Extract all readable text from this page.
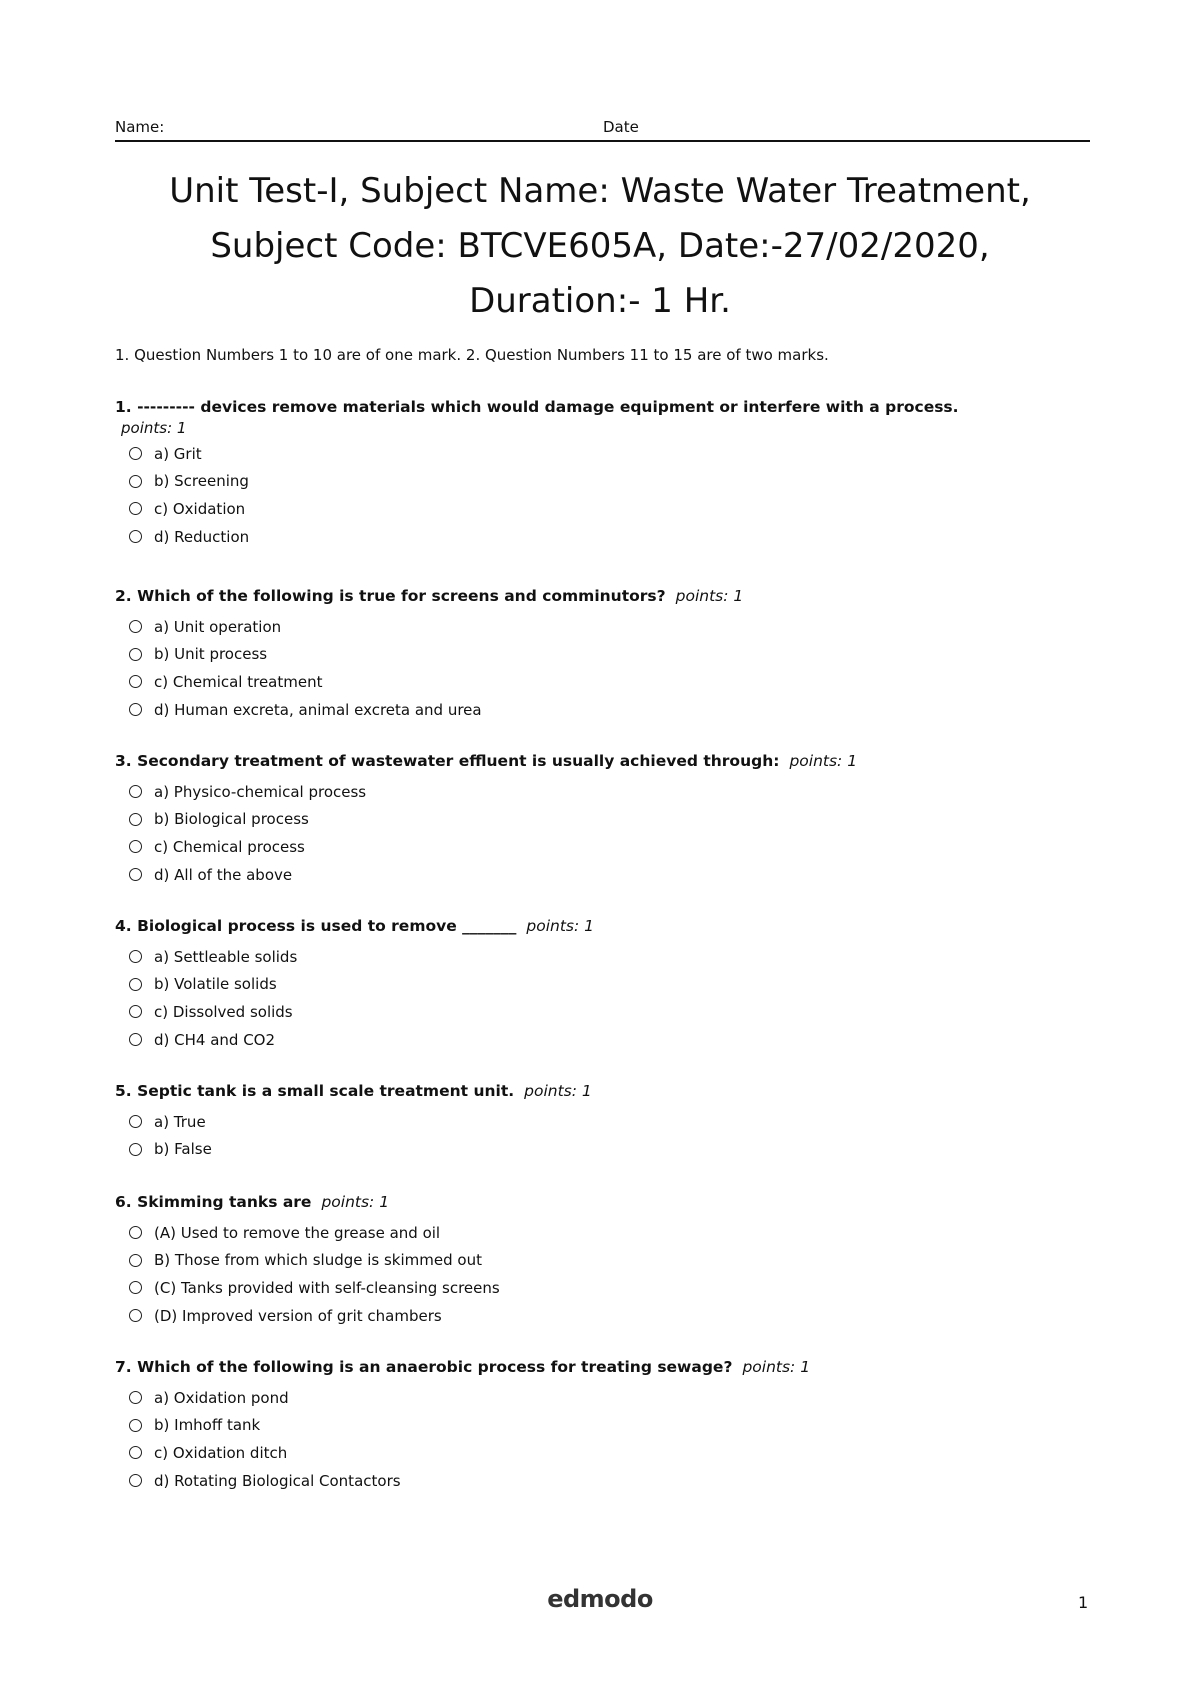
Name:	Date
Unit Test-I, Subject Name: Waste Water Treatment,
Subject Code: BTCVE605A, Date:-27/02/2020,
Duration:- 1 Hr.
1. Question Numbers 1 to 10 are of one mark. 2. Question Numbers 11 to 15 are of two marks.
1. --------- devices remove materials which would damage equipment or interfere with a process.
points: 1
a) Grit
b) Screening
c) Oxidation
d) Reduction
2. Which of the following is true for screens and comminutors? points: 1
a) Unit operation
b) Unit process
c) Chemical treatment
d) Human excreta, animal excreta and urea
3. Secondary treatment of wastewater effluent is usually achieved through: points: 1
a) Physico-chemical process
b) Biological process
c) Chemical process
d) All of the above
4. Biological process is used to remove _______ points: 1
a) Settleable solids
b) Volatile solids
c) Dissolved solids
d) CH4 and CO2
5. Septic tank is a small scale treatment unit. points: 1
a) True
b) False
6. Skimming tanks are points: 1
(A) Used to remove the grease and oil
B) Those from which sludge is skimmed out
(C) Tanks provided with self-cleansing screens
(D) Improved version of grit chambers
7. Which of the following is an anaerobic process for treating sewage? points: 1
a) Oxidation pond
b) Imhoff tank
c) Oxidation ditch
d) Rotating Biological Contactors
edmodo	1
